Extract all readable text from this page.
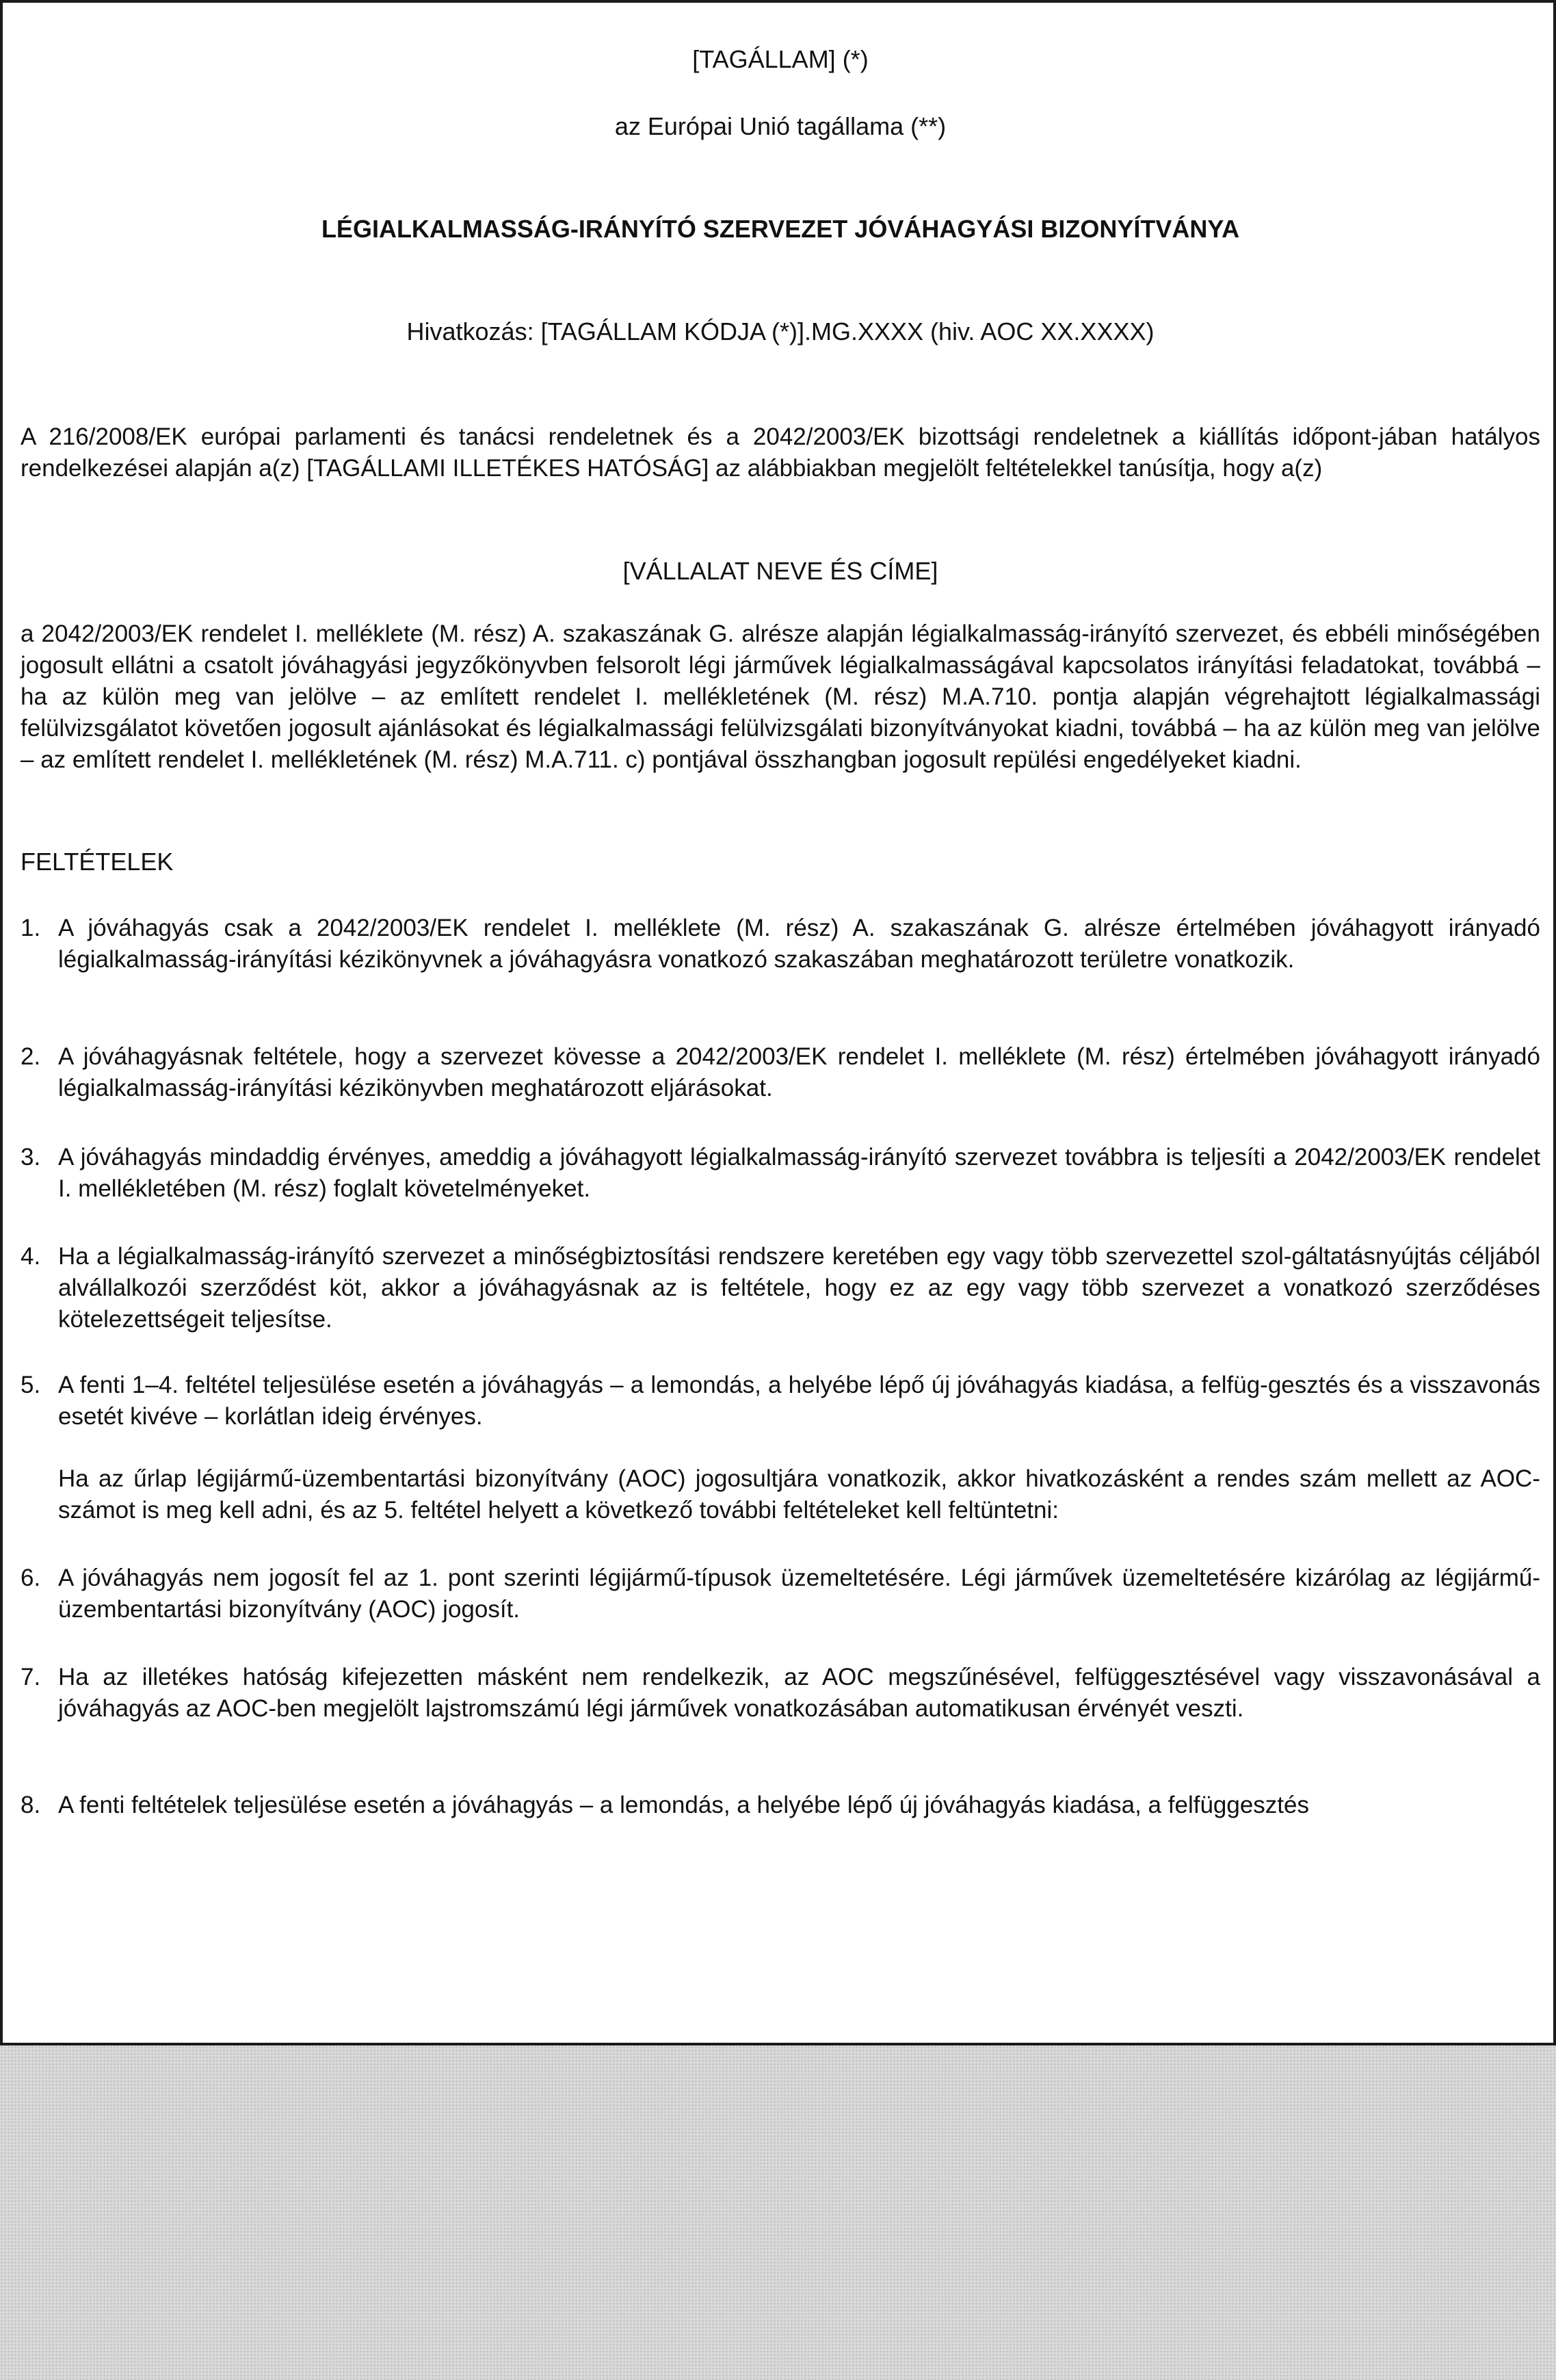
[TAGÁLLAM] (*)
az Európai Unió tagállama (**)
LÉGIALKALMASSÁG-IRÁNYÍTÓ SZERVEZET JÓVÁHAGYÁSI BIZONYÍTVÁNYA
Hivatkozás: [TAGÁLLAM KÓDJA (*)].MG.XXXX (hiv. AOC XX.XXXX)

A 216/2008/EK európai parlamenti és tanácsi rendeletnek és a 2042/2003/EK bizottsági rendeletnek a kiállítás időpont-jában hatályos rendelkezései alapján a(z) [TAGÁLLAMI ILLETÉKES HATÓSÁG] az alábbiakban megjelölt feltételekkel tanúsítja, hogy a(z)

[VÁLLALAT NEVE ÉS CÍME]

a 2042/2003/EK rendelet I. melléklete (M. rész) A. szakaszának G. alrésze alapján légialkalmasság-irányító szervezet, és ebbéli minőségében jogosult ellátni a csatolt jóváhagyási jegyzőkönyvben felsorolt légi járművek légialkalmasságával kapcsolatos irányítási feladatokat, továbbá – ha az külön meg van jelölve – az említett rendelet I. mellékletének (M. rész) M.A.710. pontja alapján végrehajtott légialkalmassági felülvizsgálatot követően jogosult ajánlásokat és légialkalmassági felülvizsgálati bizonyítványokat kiadni, továbbá – ha az külön meg van jelölve – az említett rendelet I. mellékletének (M. rész) M.A.711. c) pontjával összhangban jogosult repülési engedélyeket kiadni.

FELTÉTELEK
1. A jóváhagyás csak a 2042/2003/EK rendelet I. melléklete (M. rész) A. szakaszának G. alrésze értelmében jóváhagyott irányadó légialkalmasság-irányítási kézikönyvnek a jóváhagyásra vonatkozó szakaszában meghatározott területre vonatkozik.

2. A jóváhagyásnak feltétele, hogy a szervezet kövesse a 2042/2003/EK rendelet I. melléklete (M. rész) értelmében jóváhagyott irányadó légialkalmasság-irányítási kézikönyvben meghatározott eljárásokat.

3. A jóváhagyás mindaddig érvényes, ameddig a jóváhagyott légialkalmasság-irányító szervezet továbbra is teljesíti a 2042/2003/EK rendelet I. mellékletében (M. rész) foglalt követelményeket.

4. Ha a légialkalmasság-irányító szervezet a minőségbiztosítási rendszere keretében egy vagy több szervezettel szol-gáltatásnyújtás céljából alvállalkozói szerződést köt, akkor a jóváhagyásnak az is feltétele, hogy ez az egy vagy több szervezet a vonatkozó szerződéses kötelezettségeit teljesítse.

5. A fenti 1–4. feltétel teljesülése esetén a jóváhagyás – a lemondás, a helyébe lépő új jóváhagyás kiadása, a felfüg-gesztés és a visszavonás esetét kivéve – korlátlan ideig érvényes.

Ha az űrlap légijármű-üzembentartási bizonyítvány (AOC) jogosultjára vonatkozik, akkor hivatkozásként a rendes szám mellett az AOC-számot is meg kell adni, és az 5. feltétel helyett a következő további feltételeket kell feltüntetni:

6. A jóváhagyás nem jogosít fel az 1. pont szerinti légijármű-típusok üzemeltetésére. Légi járművek üzemeltetésére kizárólag az légijármű-üzembentartási bizonyítvány (AOC) jogosít.

7. Ha az illetékes hatóság kifejezetten másként nem rendelkezik, az AOC megszűnésével, felfüggesztésével vagy visszavonásával a jóváhagyás az AOC-ben megjelölt lajstromszámú légi járművek vonatkozásában automatikusan érvényét veszti.

8. A fenti feltételek teljesülése esetén a jóváhagyás – a lemondás, a helyébe lépő új jóváhagyás kiadása, a felfüggesztés
